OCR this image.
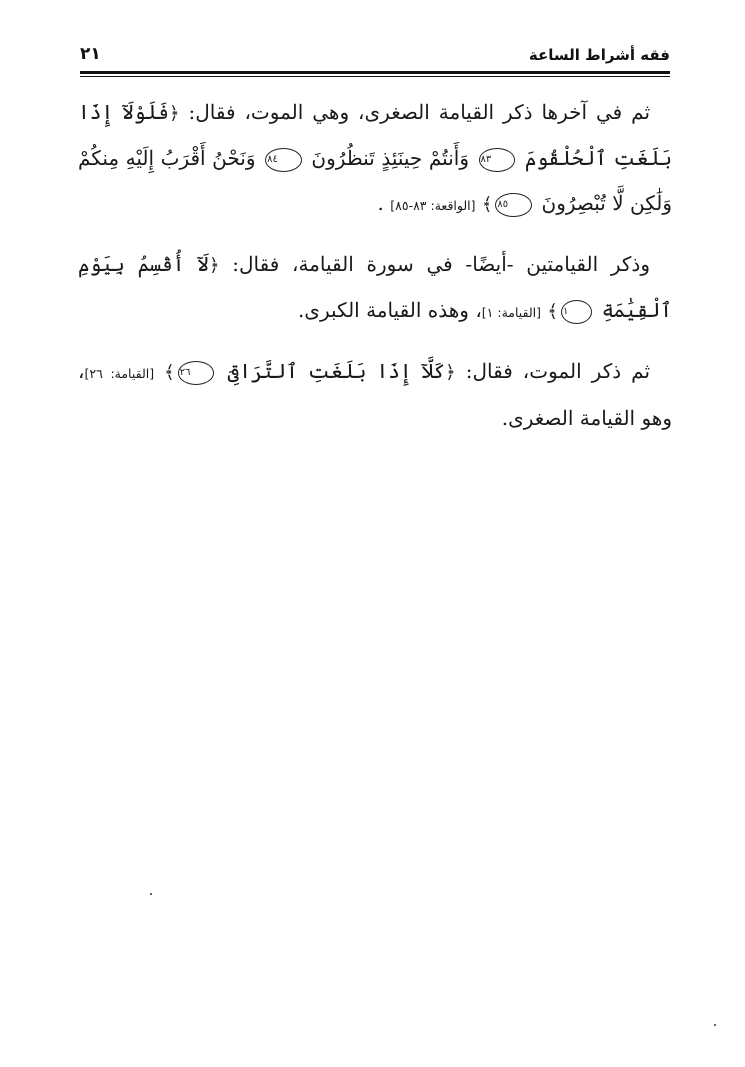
فقه أشراط الساعة
٢١

ثم في آخرها ذكر القيامة الصغرى، وهي الموت، فقال: ﴿فَلَوْلَآ إِذَا بَلَغَتِ ٱلْحُلْقُومَ ٨٣ وَأَنتُمْ حِينَئِذٍ تَنظُرُونَ ٨٤ وَنَحْنُ أَقْرَبُ إِلَيْهِ مِنكُمْ وَلَٰكِن لَّا تُبْصِرُونَ ٨٥﴾ [الواقعة: ٨٣-٨٥] .

وذكر القيامتين -أيضًا- في سورة القيامة، فقال: ﴿لَآ أُقْسِمُ بِيَوْمِ ٱلْقِيَٰمَةِ ١﴾ [القيامة: ١]، وهذه القيامة الكبرى.

ثم ذكر الموت، فقال: ﴿كَلَّآ إِذَا بَلَغَتِ ٱلتَّرَاقِىَ ٢٦﴾ [القيامة: ٢٦]، وهو القيامة الصغرى.
